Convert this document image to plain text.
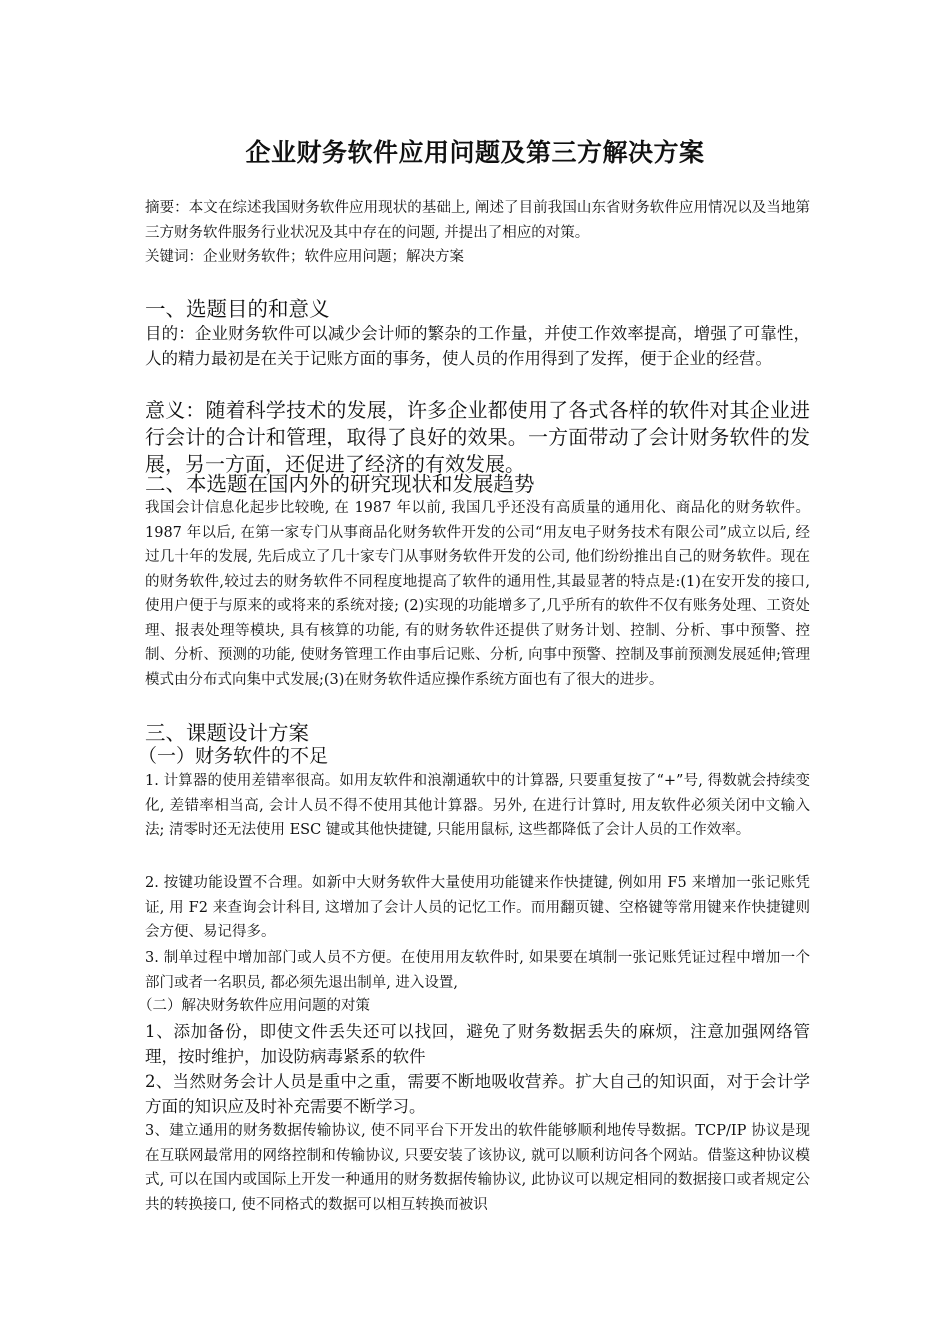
企业财务软件应用问题及第三方解决方案

摘要：本文在综述我国财务软件应用现状的基础上, 阐述了目前我国山东省财务软件应用情况以及当地第三方财务软件服务行业状况及其中存在的问题, 并提出了相应的对策。

关键词：企业财务软件；软件应用问题；解决方案

一、选题目的和意义

目的：企业财务软件可以减少会计师的繁杂的工作量，并使工作效率提高，增强了可靠性，人的精力最初是在关于记账方面的事务，使人员的作用得到了发挥，便于企业的经营。

意义：随着科学技术的发展，许多企业都使用了各式各样的软件对其企业进行会计的合计和管理，取得了良好的效果。一方面带动了会计财务软件的发展，另一方面，还促进了经济的有效发展。

二、本选题在国内外的研究现状和发展趋势

我国会计信息化起步比较晚, 在 1987 年以前, 我国几乎还没有高质量的通用化、商品化的财务软件。 1987 年以后, 在第一家专门从事商品化财务软件开发的公司“用友电子财务技术有限公司”成立以后, 经过几十年的发展, 先后成立了几十家专门从事财务软件开发的公司, 他们纷纷推出自己的财务软件。现在的财务软件,较过去的财务软件不同程度地提高了软件的通用性,其最显著的特点是:(1)在安开发的接口, 使用户便于与原来的或将来的系统对接; (2)实现的功能增多了,几乎所有的软件不仅有账务处理、工资处理、报表处理等模块, 具有核算的功能, 有的财务软件还提供了财务计划、控制、分析、事中预警、控制、分析、预测的功能, 使财务管理工作由事后记账、分析, 向事中预警、控制及事前预测发展延伸;管理模式由分布式向集中式发展;(3)在财务软件适应操作系统方面也有了很大的进步。

三、课题设计方案
（一）财务软件的不足

1. 计算器的使用差错率很高。如用友软件和浪潮通软中的计算器, 只要重复按了“+”号, 得数就会持续变化, 差错率相当高, 会计人员不得不使用其他计算器。另外, 在进行计算时, 用友软件必须关闭中文输入法; 清零时还无法使用 ESC 键或其他快捷键, 只能用鼠标, 这些都降低了会计人员的工作效率。

2. 按键功能设置不合理。如新中大财务软件大量使用功能键来作快捷键, 例如用 F5 来增加一张记账凭证, 用 F2 来查询会计科目, 这增加了会计人员的记忆工作。而用翻页键、空格键等常用键来作快捷键则会方便、易记得多。

3. 制单过程中增加部门或人员不方便。在使用用友软件时, 如果要在填制一张记账凭证过程中增加一个部门或者一名职员, 都必须先退出制单, 进入设置,

（二）解决财务软件应用问题的对策

1、添加备份，即使文件丢失还可以找回，避免了财务数据丢失的麻烦，注意加强网络管理，按时维护，加设防病毒紧系的软件

2、当然财务会计人员是重中之重，需要不断地吸收营养。扩大自己的知识面，对于会计学方面的知识应及时补充需要不断学习。

3、建立通用的财务数据传输协议, 使不同平台下开发出的软件能够顺利地传导数据。TCP/IP 协议是现在互联网最常用的网络控制和传输协议, 只要安装了该协议, 就可以顺利访问各个网站。借鉴这种协议模式, 可以在国内或国际上开发一种通用的财务数据传输协议, 此协议可以规定相同的数据接口或者规定公共的转换接口, 使不同格式的数据可以相互转换而被识
